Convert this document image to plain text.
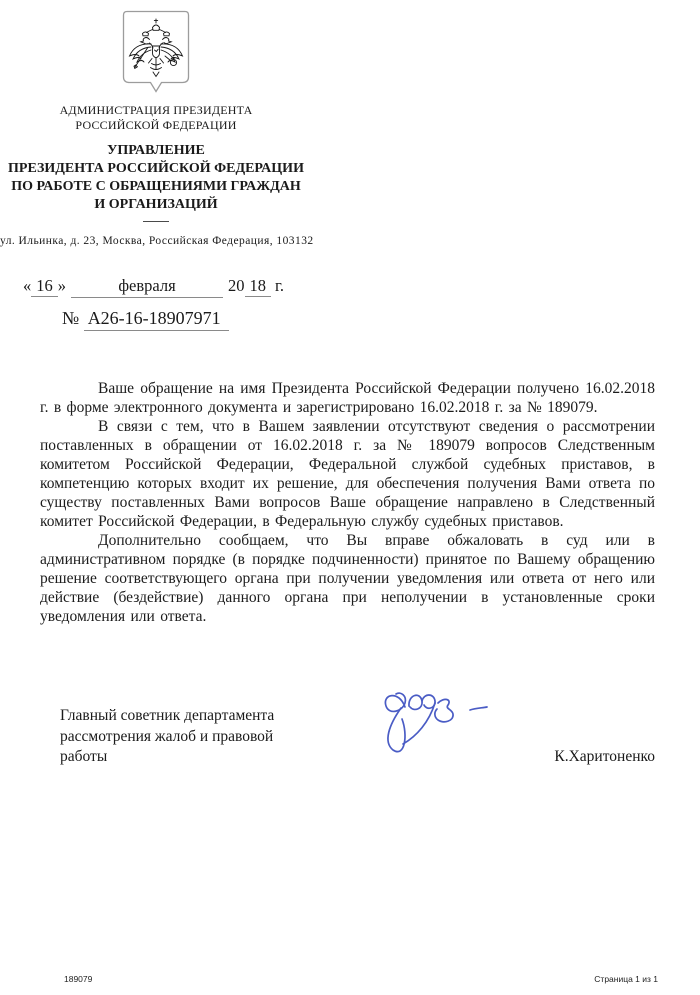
АДМИНИСТРАЦИЯ ПРЕЗИДЕНТА
РОССИЙСКОЙ ФЕДЕРАЦИИ
УПРАВЛЕНИЕ
ПРЕЗИДЕНТА РОССИЙСКОЙ ФЕДЕРАЦИИ
ПО РАБОТЕ С ОБРАЩЕНИЯМИ ГРАЖДАН
И ОРГАНИЗАЦИЙ
ул. Ильинка, д. 23, Москва, Российская Федерация, 103132
« 16 »	февраля	20 18 г.
№ А26-16-18907971

Ваше обращение на имя Президента Российской Федерации получено 16.02.2018 г. в форме электронного документа и зарегистрировано 16.02.2018 г. за № 189079.

В связи с тем, что в Вашем заявлении отсутствуют сведения о рассмотрении поставленных в обращении от 16.02.2018 г. за № 189079 вопросов Следственным комитетом Российской Федерации, Федеральной службой судебных приставов, в компетенцию которых входит их решение, для обеспечения получения Вами ответа по существу поставленных Вами вопросов Ваше обращение направлено в Следственный комитет Российской Федерации, в Федеральную службу судебных приставов.

Дополнительно сообщаем, что Вы вправе обжаловать в суд или в административном порядке (в порядке подчиненности) принятое по Вашему обращению решение соответствующего органа при получении уведомления или ответа от него или действие (бездействие) данного органа при неполучении в установленные сроки уведомления или ответа.

Главный советник департамента
рассмотрения жалоб и правовой
работы	К.Харитоненко
189079	Страница 1 из 1
